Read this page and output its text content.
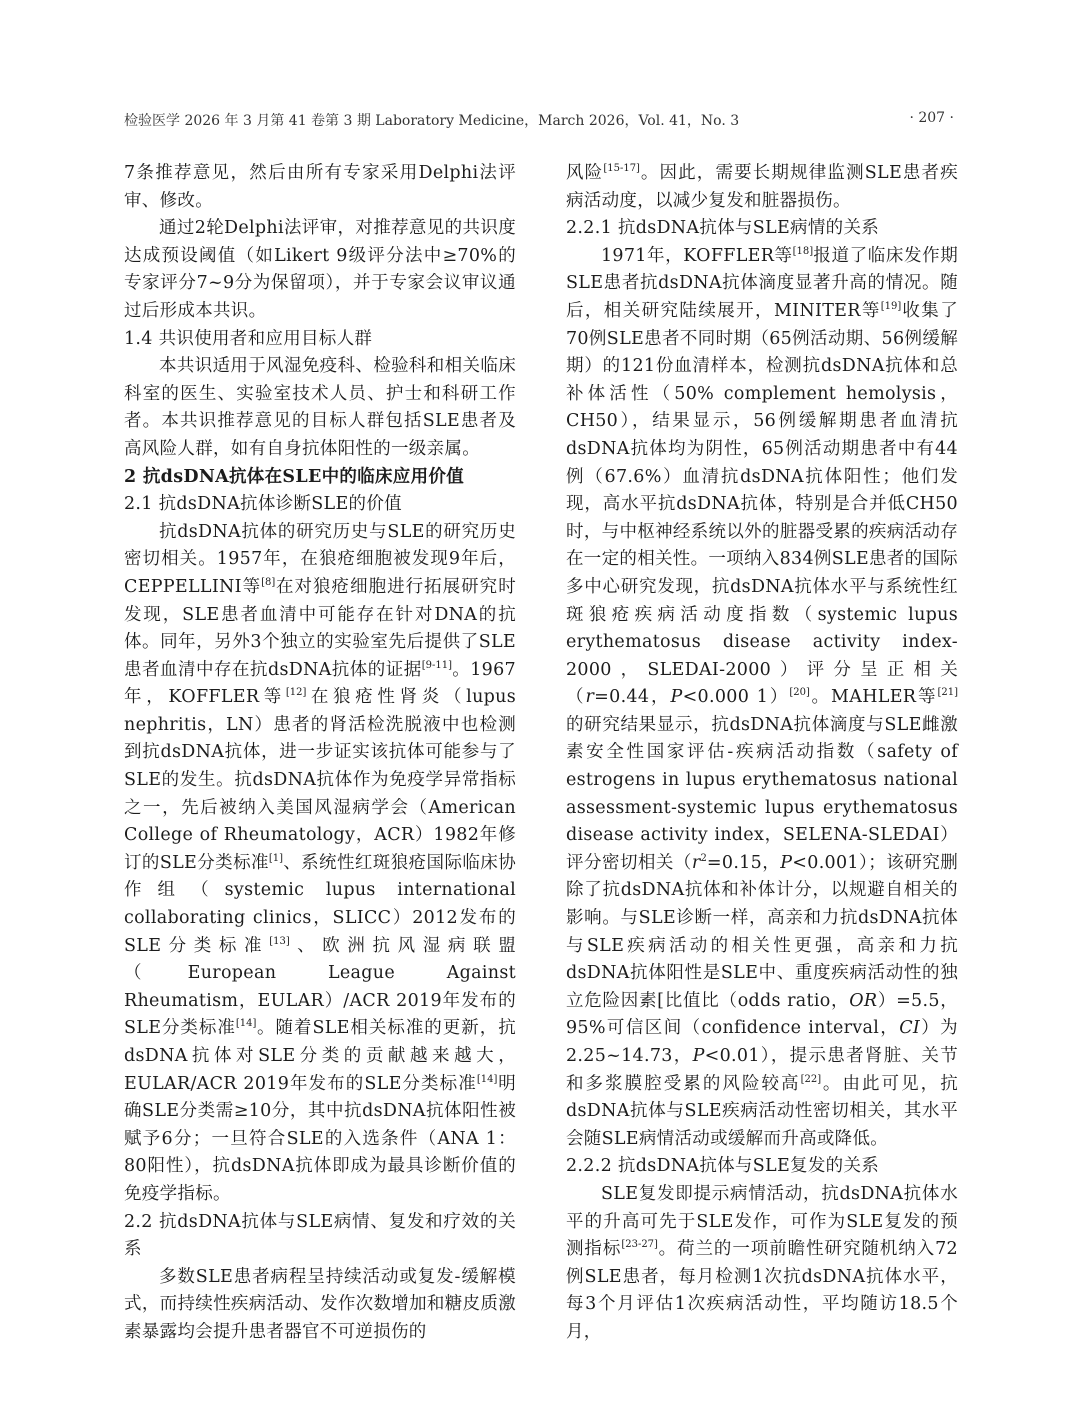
检验医学 2026 年 3 月第 41 卷第 3 期 Laboratory Medicine，March 2026，Vol. 41，No. 3	· 207 ·

7条推荐意见，然后由所有专家采用Delphi法评审、修改。

通过2轮Delphi法评审，对推荐意见的共识度达成预设阈值（如Likert 9级评分法中≥70%的专家评分7~9分为保留项），并于专家会议审议通过后形成本共识。

1.4 共识使用者和应用目标人群

本共识适用于风湿免疫科、检验科和相关临床科室的医生、实验室技术人员、护士和科研工作者。本共识推荐意见的目标人群包括SLE患者及高风险人群，如有自身抗体阳性的一级亲属。

2 抗dsDNA抗体在SLE中的临床应用价值

2.1 抗dsDNA抗体诊断SLE的价值

抗dsDNA抗体的研究历史与SLE的研究历史密切相关。1957年，在狼疮细胞被发现9年后，CEPPELLINI等[8]在对狼疮细胞进行拓展研究时发现，SLE患者血清中可能存在针对DNA的抗体。同年，另外3个独立的实验室先后提供了SLE患者血清中存在抗dsDNA抗体的证据[9-11]。1967年，KOFFLER等[12]在狼疮性肾炎（lupus nephritis，LN）患者的肾活检洗脱液中也检测到抗dsDNA抗体，进一步证实该抗体可能参与了SLE的发生。抗dsDNA抗体作为免疫学异常指标之一，先后被纳入美国风湿病学会（American College of Rheumatology，ACR）1982年修订的SLE分类标准[1]、系统性红斑狼疮国际临床协作组（systemic lupus international collaborating clinics，SLICC）2012发布的SLE分类标准[13]、欧洲抗风湿病联盟（European League Against Rheumatism，EULAR）/ACR 2019年发布的SLE分类标准[14]。随着SLE相关标准的更新，抗dsDNA抗体对SLE分类的贡献越来越大，EULAR/ACR 2019年发布的SLE分类标准[14]明确SLE分类需≥10分，其中抗dsDNA抗体阳性被赋予6分；一旦符合SLE的入选条件（ANA 1：80阳性），抗dsDNA抗体即成为最具诊断价值的免疫学指标。

2.2 抗dsDNA抗体与SLE病情、复发和疗效的关系

多数SLE患者病程呈持续活动或复发-缓解模式，而持续性疾病活动、发作次数增加和糖皮质激素暴露均会提升患者器官不可逆损伤的

风险[15-17]。因此，需要长期规律监测SLE患者疾病活动度，以减少复发和脏器损伤。

2.2.1 抗dsDNA抗体与SLE病情的关系

1971年，KOFFLER等[18]报道了临床发作期SLE患者抗dsDNA抗体滴度显著升高的情况。随后，相关研究陆续展开，MINITER等[19]收集了70例SLE患者不同时期（65例活动期、56例缓解期）的121份血清样本，检测抗dsDNA抗体和总补体活性（50% complement hemolysis，CH50），结果显示，56例缓解期患者血清抗dsDNA抗体均为阴性，65例活动期患者中有44例（67.6%）血清抗dsDNA抗体阳性；他们发现，高水平抗dsDNA抗体，特别是合并低CH50时，与中枢神经系统以外的脏器受累的疾病活动存在一定的相关性。一项纳入834例SLE患者的国际多中心研究发现，抗dsDNA抗体水平与系统性红斑狼疮疾病活动度指数（systemic lupus erythematosus disease activity index-2000，SLEDAI-2000）评分呈正相关（r=0.44，P<0.000 1）[20]。MAHLER等[21]的研究结果显示，抗dsDNA抗体滴度与SLE雌激素安全性国家评估-疾病活动指数（safety of estrogens in lupus erythematosus national assessment-systemic lupus erythematosus disease activity index，SELENA-SLEDAI）评分密切相关（$r^2=0.15$，P<0.001）；该研究删除了抗dsDNA抗体和补体计分，以规避自相关的影响。与SLE诊断一样，高亲和力抗dsDNA抗体与SLE疾病活动的相关性更强，高亲和力抗dsDNA抗体阳性是SLE中、重度疾病活动性的独立危险因素[比值比（odds ratio，OR）=5.5，95%可信区间（confidence interval，CI）为2.25~14.73，P<0.01），提示患者肾脏、关节和多浆膜腔受累的风险较高[22]。由此可见，抗dsDNA抗体与SLE疾病活动性密切相关，其水平会随SLE病情活动或缓解而升高或降低。

2.2.2 抗dsDNA抗体与SLE复发的关系

SLE复发即提示病情活动，抗dsDNA抗体水平的升高可先于SLE发作，可作为SLE复发的预测指标[23-27]。荷兰的一项前瞻性研究随机纳入72例SLE患者，每月检测1次抗dsDNA抗体水平，每3个月评估1次疾病活动性，平均随访18.5个月，
